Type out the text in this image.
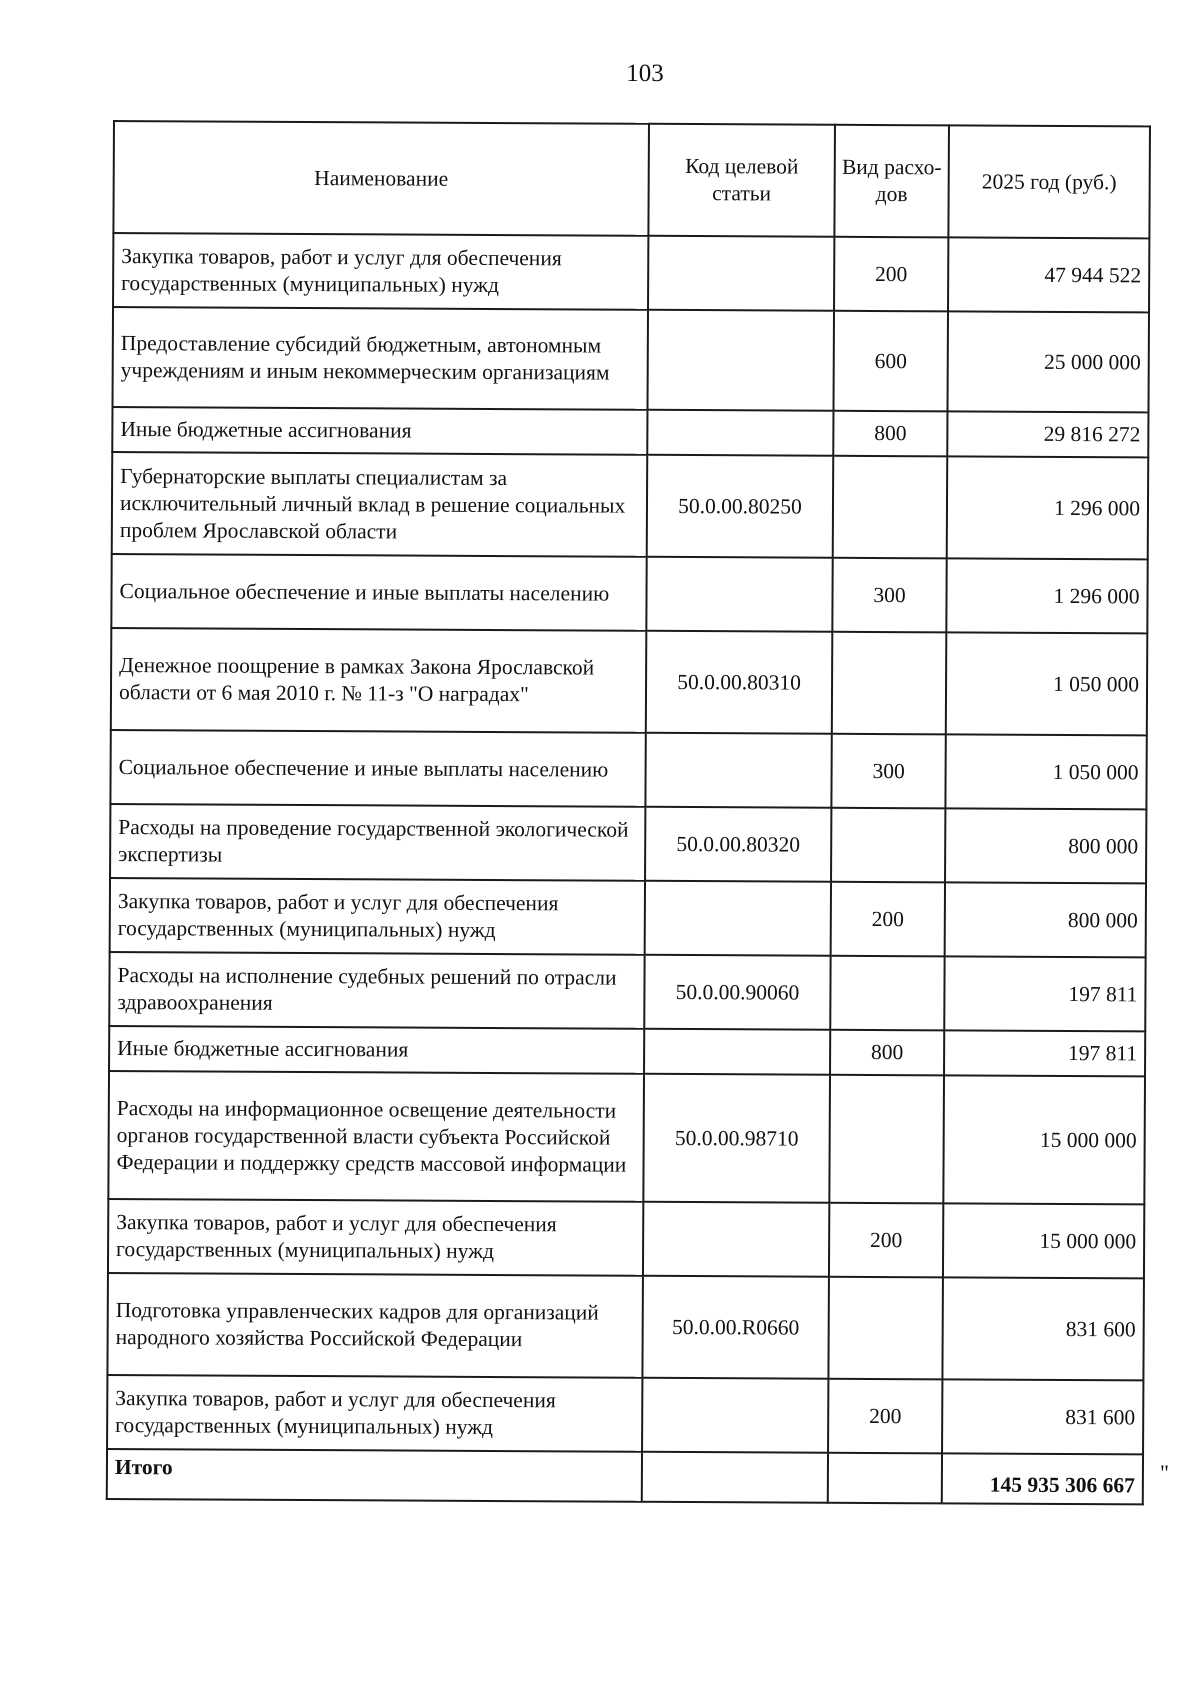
103
Наименование	Код целевой статьи	Вид расхо-дов	2025 год (руб.)
Закупка товаров, работ и услуг для обеспечения государственных (муниципальных) нужд		200	47 944 522
Предоставление субсидий бюджетным, автономным учреждениям и иным некоммерческим организациям		600	25 000 000
Иные бюджетные ассигнования		800	29 816 272
Губернаторские выплаты специалистам за исключительный личный вклад в решение социальных проблем Ярославской области	50.0.00.80250		1 296 000
Социальное обеспечение и иные выплаты населению		300	1 296 000
Денежное поощрение в рамках Закона Ярославской области от 6 мая 2010 г. № 11-з "О наградах"	50.0.00.80310		1 050 000
Социальное обеспечение и иные выплаты населению		300	1 050 000
Расходы на проведение государственной экологической экспертизы	50.0.00.80320		800 000
Закупка товаров, работ и услуг для обеспечения государственных (муниципальных) нужд		200	800 000
Расходы на исполнение судебных решений по отрасли здравоохранения	50.0.00.90060		197 811
Иные бюджетные ассигнования		800	197 811
Расходы на информационное освещение деятельности органов государственной власти субъекта Российской Федерации и поддержку средств массовой информации	50.0.00.98710		15 000 000
Закупка товаров, работ и услуг для обеспечения государственных (муниципальных) нужд		200	15 000 000
Подготовка управленческих кадров для организаций народного хозяйства Российской Федерации	50.0.00.R0660		831 600
Закупка товаров, работ и услуг для обеспечения государственных (муниципальных) нужд		200	831 600
Итого			145 935 306 667 "
